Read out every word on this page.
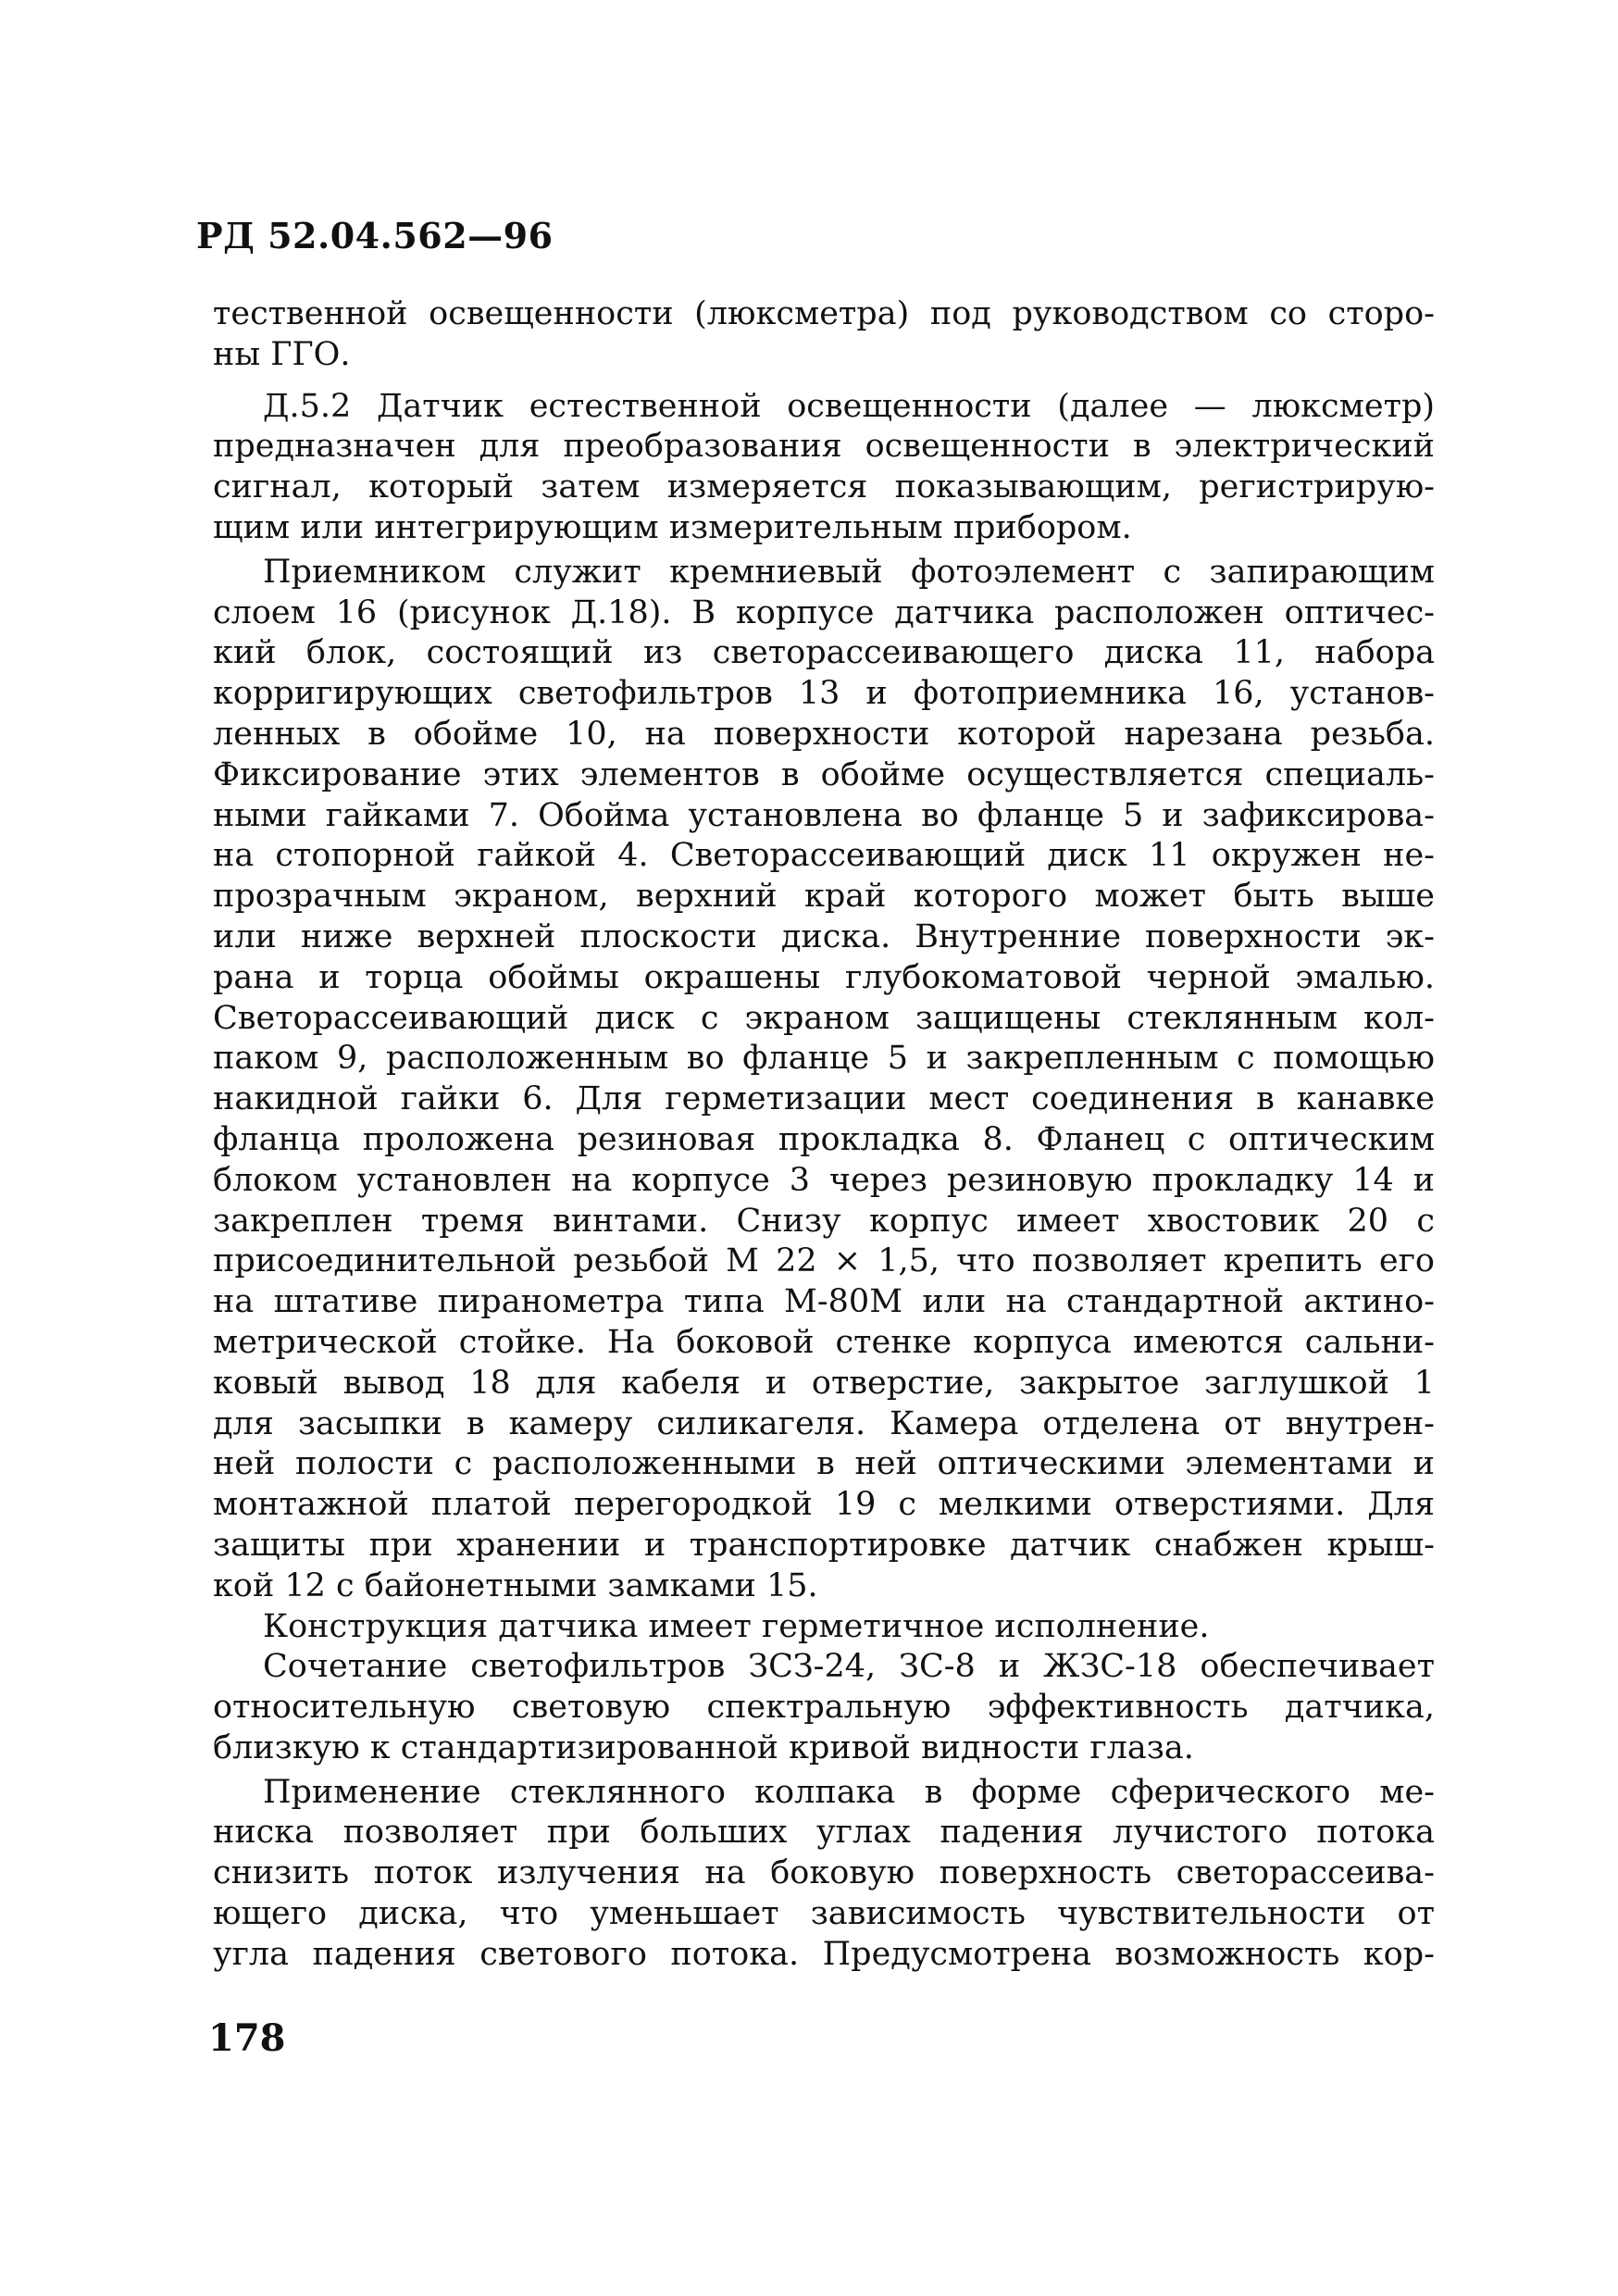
РД 52.04.562—96
тественной освещенности (люксметра) под руководством со сторо-
ны ГГО.
Д.5.2 Датчик естественной освещенности (далее — люксметр)
предназначен для преобразования освещенности в электрический
сигнал, который затем измеряется показывающим, регистрирую-
щим или интегрирующим измерительным прибором.
Приемником служит кремниевый фотоэлемент с запирающим
слоем 16 (рисунок Д.18). В корпусе датчика расположен оптичес-
кий блок, состоящий из светорассеивающего диска 11, набора
корригирующих светофильтров 13 и фотоприемника 16, установ-
ленных в обойме 10, на поверхности которой нарезана резьба.
Фиксирование этих элементов в обойме осуществляется специаль-
ными гайками 7. Обойма установлена во фланце 5 и зафиксирова-
на стопорной гайкой 4. Светорассеивающий диск 11 окружен не-
прозрачным экраном, верхний край которого может быть выше
или ниже верхней плоскости диска. Внутренние поверхности эк-
рана и торца обоймы окрашены глубокоматовой черной эмалью.
Светорассеивающий диск с экраном защищены стеклянным кол-
паком 9, расположенным во фланце 5 и закрепленным с помощью
накидной гайки 6. Для герметизации мест соединения в канавке
фланца проложена резиновая прокладка 8. Фланец с оптическим
блоком установлен на корпусе 3 через резиновую прокладку 14 и
закреплен тремя винтами. Снизу корпус имеет хвостовик 20 с
присоединительной резьбой М 22 × 1,5, что позволяет крепить его
на штативе пиранометра типа М-80М или на стандартной актино-
метрической стойке. На боковой стенке корпуса имеются сальни-
ковый вывод 18 для кабеля и отверстие, закрытое заглушкой 1
для засыпки в камеру силикагеля. Камера отделена от внутрен-
ней полости с расположенными в ней оптическими элементами и
монтажной платой перегородкой 19 с мелкими отверстиями. Для
защиты при хранении и транспортировке датчик снабжен крыш-
кой 12 с байонетными замками 15.
Конструкция датчика имеет герметичное исполнение.
Сочетание светофильтров ЗСЗ-24, ЗС-8 и ЖЗС-18 обеспечивает
относительную световую спектральную эффективность датчика,
близкую к стандартизированной кривой видности глаза.
Применение стеклянного колпака в форме сферического ме-
ниска позволяет при больших углах падения лучистого потока
снизить поток излучения на боковую поверхность светорассеива-
ющего диска, что уменьшает зависимость чувствительности от
угла падения светового потока. Предусмотрена возможность кор-
178
